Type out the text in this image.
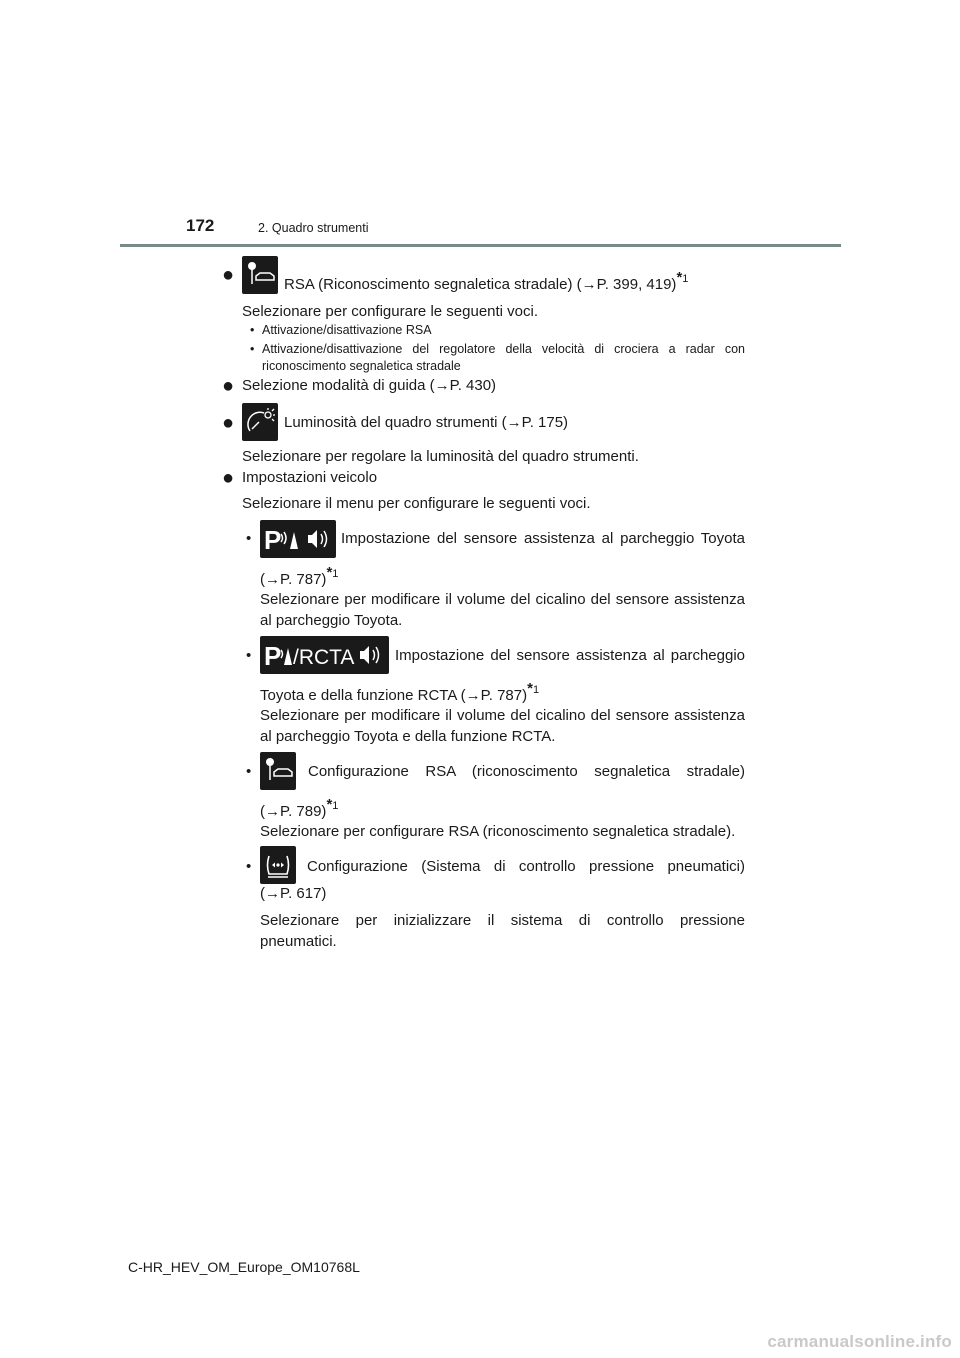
172	2. Quadro strumenti
●	RSA (Riconoscimento segnaletica stradale) (→P. 399, 419)$^{*1}$
Selezionare per configurare le seguenti voci.
• Attivazione/disattivazione RSA
• Attivazione/disattivazione del regolatore della velocità di crociera a radar con
riconoscimento segnaletica stradale
● Selezione modalità di guida (→P. 430)
●	Luminosità del quadro strumenti (→P. 175)
Selezionare per regolare la luminosità del quadro strumenti.
● Impostazioni veicolo
Selezionare il menu per configurare le seguenti voci.
• P	Impostazione del sensore assistenza al parcheggio Toyota
(→P. 787)$^{*1}$
Selezionare per modificare il volume del cicalino del sensore assistenza
al parcheggio Toyota.
• P /RCTA	Impostazione del sensore assistenza al parcheggio
Toyota e della funzione RCTA (→P. 787)$^{*1}$
Selezionare per modificare il volume del cicalino del sensore assistenza
al parcheggio Toyota e della funzione RCTA.
•	Configurazione RSA (riconoscimento segnaletica stradale)
(→P. 789)$^{*1}$
Selezionare per configurare RSA (riconoscimento segnaletica stradale).
•	Configurazione (Sistema di controllo pressione pneumatici)
(→P. 617)
Selezionare per inizializzare il sistema di controllo pressione
pneumatici.
C-HR_HEV_OM_Europe_OM10768L
carmanualsonline.info
